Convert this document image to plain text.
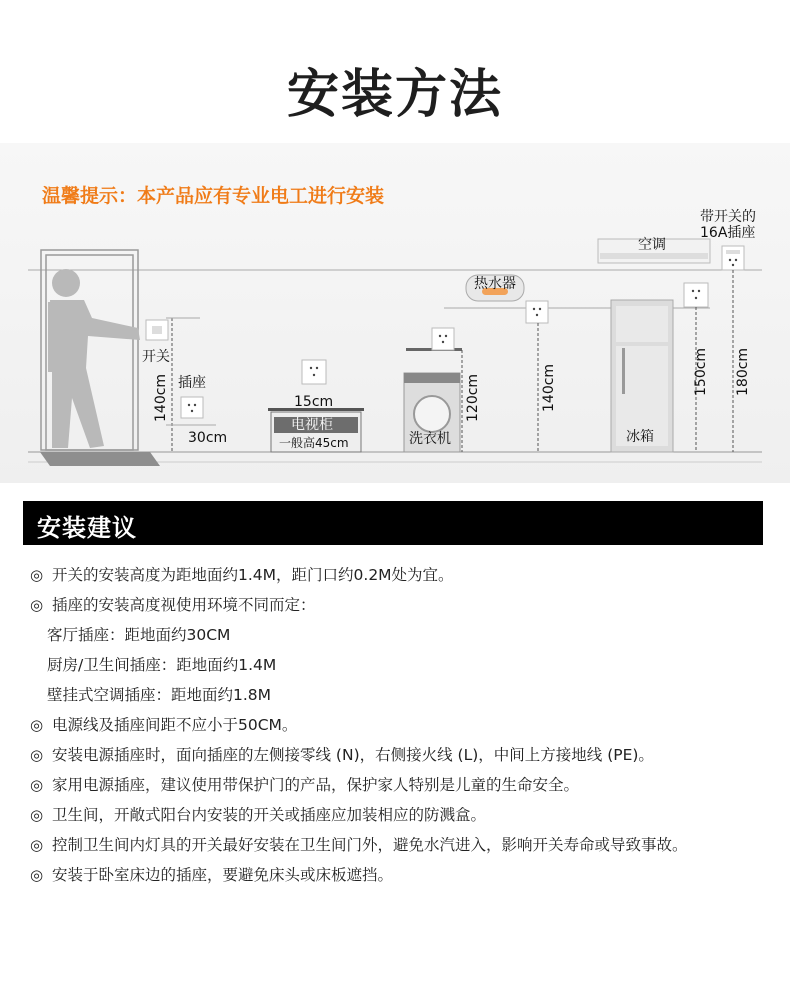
安装方法
温馨提示：本产品应有专业电工进行安装
开关
插座
140cm
30cm
15cm
电视柜
一般高45cm	洗衣机
120cm
热水器
140cm
空调
带开关的
16A插座
冰箱
150cm 180cm
安装建议
◎ 开关的安装高度为距地面约1.4M，距门口约0.2M处为宜。
◎ 插座的安装高度视使用环境不同而定：
客厅插座：距地面约30CM
厨房/卫生间插座：距地面约1.4M
壁挂式空调插座：距地面约1.8M
◎ 电源线及插座间距不应小于50CM。
◎ 安装电源插座时，面向插座的左侧接零线 (N)，右侧接火线 (L)，中间上方接地线 (PE)。
◎ 家用电源插座，建议使用带保护门的产品，保护家人特别是儿童的生命安全。
◎ 卫生间，开敞式阳台内安装的开关或插座应加装相应的防溅盒。
◎ 控制卫生间内灯具的开关最好安装在卫生间门外，避免水汽进入，影响开关寿命或导致事故。
◎ 安装于卧室床边的插座，要避免床头或床板遮挡。
